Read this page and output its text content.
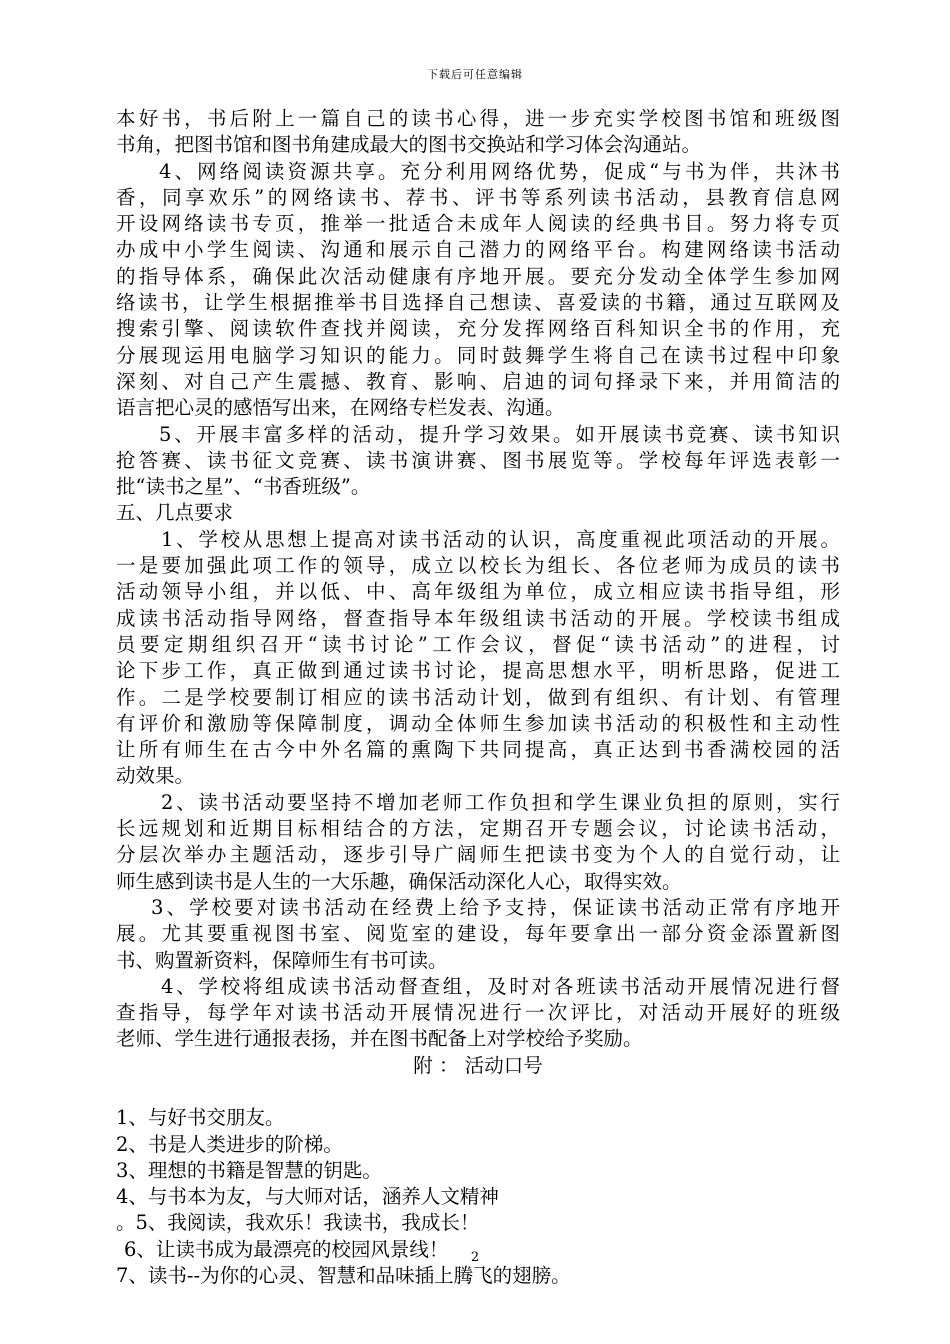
下载后可任意编辑
本好书，书后附上一篇自己的读书心得，进一步充实学校图书馆和班级图
书角，把图书馆和图书角建成最大的图书交换站和学习体会沟通站。
4、网络阅读资源共享。充分利用网络优势，促成“与书为伴，共沐书
香，同享欢乐”的网络读书、荐书、评书等系列读书活动，县教育信息网
开设网络读书专页，推举一批适合未成年人阅读的经典书目。努力将专页
办成中小学生阅读、沟通和展示自己潜力的网络平台。构建网络读书活动
的指导体系，确保此次活动健康有序地开展。要充分发动全体学生参加网
络读书，让学生根据推举书目选择自己想读、喜爱读的书籍，通过互联网及
搜索引擎、阅读软件查找并阅读，充分发挥网络百科知识全书的作用，充
分展现运用电脑学习知识的能力。同时鼓舞学生将自己在读书过程中印象
深刻、对自己产生震撼、教育、影响、启迪的词句择录下来，并用简洁的
语言把心灵的感悟写出来，在网络专栏发表、沟通。
5、开展丰富多样的活动，提升学习效果。如开展读书竞赛、读书知识
抢答赛、读书征文竞赛、读书演讲赛、图书展览等。学校每年评选表彰一
批“读书之星”、“书香班级”。
五、几点要求
1、学校从思想上提高对读书活动的认识，高度重视此项活动的开展。
一是要加强此项工作的领导，成立以校长为组长、各位老师为成员的读书
活动领导小组，并以低、中、高年级组为单位，成立相应读书指导组，形
成读书活动指导网络，督查指导本年级组读书活动的开展。学校读书组成
员要定期组织召开“读书讨论”工作会议，督促“读书活动”的进程，讨
论下步工作，真正做到通过读书讨论，提高思想水平，明析思路，促进工
作。二是学校要制订相应的读书活动计划，做到有组织、有计划、有管理
有评价和激励等保障制度，调动全体师生参加读书活动的积极性和主动性
让所有师生在古今中外名篇的熏陶下共同提高，真正达到书香满校园的活
动效果。
2、读书活动要坚持不增加老师工作负担和学生课业负担的原则，实行
长远规划和近期目标相结合的方法，定期召开专题会议，讨论读书活动，
分层次举办主题活动，逐步引导广阔师生把读书变为个人的自觉行动，让
师生感到读书是人生的一大乐趣，确保活动深化人心，取得实效。
3、学校要对读书活动在经费上给予支持，保证读书活动正常有序地开
展。尤其要重视图书室、阅览室的建设，每年要拿出一部分资金添置新图
书、购置新资料，保障师生有书可读。
4、学校将组成读书活动督查组，及时对各班读书活动开展情况进行督
查指导，每学年对读书活动开展情况进行一次评比，对活动开展好的班级
老师、学生进行通报表扬，并在图书配备上对学校给予奖励。
附 ： 活动口号
1、与好书交朋友。
2、书是人类进步的阶梯。
3、理想的书籍是智慧的钥匙。
4、与书本为友，与大师对话，涵养人文精神
。5、我阅读，我欢乐！我读书，我成长！
6、让读书成为最漂亮的校园风景线！
7、读书--为你的心灵、智慧和品味插上腾飞的翅膀。
2
